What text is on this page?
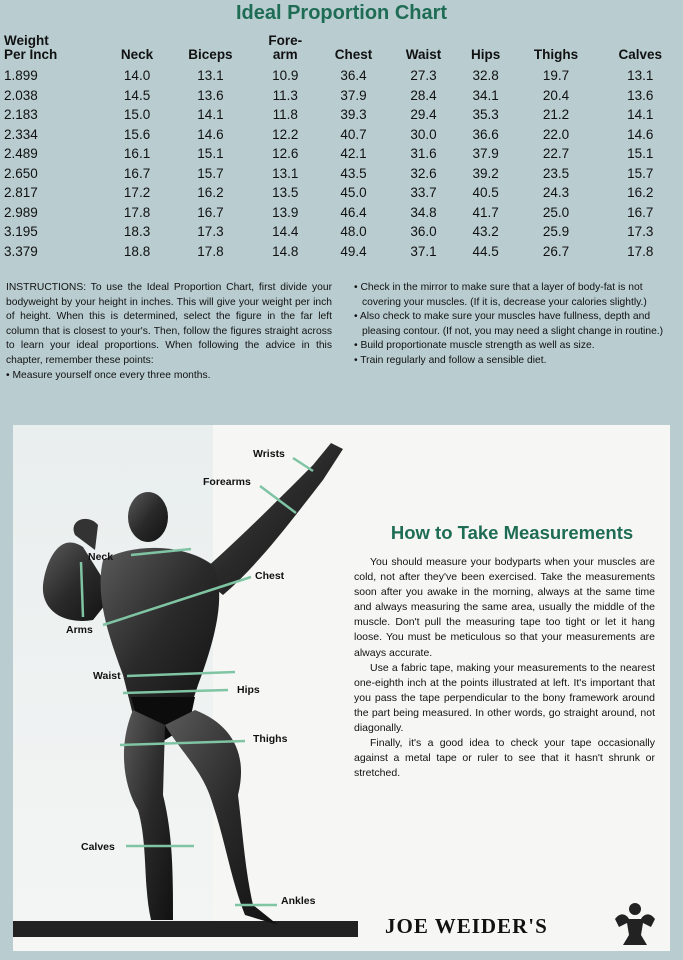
Ideal Proportion Chart
Weight
Per Inch	Neck	Biceps	Fore-
arm	Chest	Waist	Hips	Thighs	Calves
1.899	14.0	13.1	10.9	36.4	27.3	32.8	19.7	13.1
2.038	14.5	13.6	11.3	37.9	28.4	34.1	20.4	13.6
2.183	15.0	14.1	11.8	39.3	29.4	35.3	21.2	14.1
2.334	15.6	14.6	12.2	40.7	30.0	36.6	22.0	14.6
2.489	16.1	15.1	12.6	42.1	31.6	37.9	22.7	15.1
2.650	16.7	15.7	13.1	43.5	32.6	39.2	23.5	15.7
2.817	17.2	16.2	13.5	45.0	33.7	40.5	24.3	16.2
2.989	17.8	16.7	13.9	46.4	34.8	41.7	25.0	16.7
3.195	18.3	17.3	14.4	48.0	36.0	43.2	25.9	17.3
3.379	18.8	17.8	14.8	49.4	37.1	44.5	26.7	17.8

INSTRUCTIONS: To use the Ideal Proportion Chart, first divide your bodyweight by your height in inches. This will give your weight per inch of height. When this is determined, select the figure in the far left column that is closest to your's. Then, follow the figures straight across to learn your ideal proportions. When following the advice in this chapter, remember these points:

• Measure yourself once every three months.

• Check in the mirror to make sure that a layer of body-fat is not covering your muscles. (If it is, decrease your calories slightly.)

• Also check to make sure your muscles have fullness, depth and pleasing contour. (If not, you may need a slight change in routine.)

• Build proportionate muscle strength as well as size.

• Train regularly and follow a sensible diet.

Wrists
Forearms
Neck
Chest
Arms
Waist
Hips
Thighs
Calves
Ankles
How to Take Measurements

You should measure your bodyparts when your muscles are cold, not after they've been exercised. Take the measurements soon after you awake in the morning, always at the same time and always measuring the same area, usually the middle of the muscle. Don't pull the measuring tape too tight or let it hang loose. You must be meticulous so that your measurements are always accurate.

Use a fabric tape, making your measurements to the nearest one-eighth inch at the points illustrated at left. It's important that you pass the tape perpendicular to the bony framework around the part being measured. In other words, go straight around, not diagonally.

Finally, it's a good idea to check your tape occasionally against a metal tape or ruler to see that it hasn't shrunk or stretched.

JOE WEIDER'S
